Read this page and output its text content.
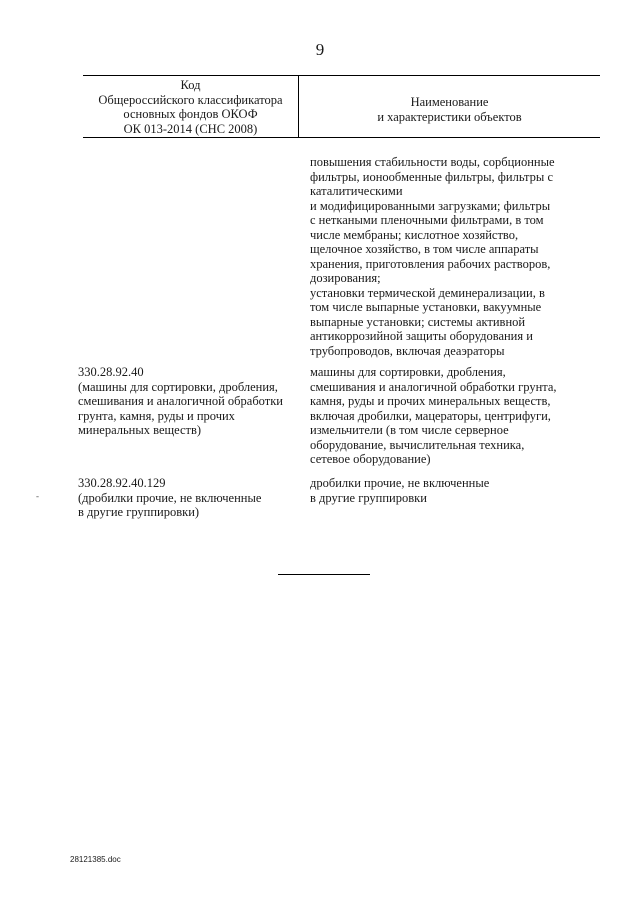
9
Код
Общероссийского классификатора
основных фондов ОКОФ
ОК 013-2014 (СНС 2008)
Наименование
и характеристики объектов
повышения стабильности воды, сорбционные
фильтры, ионообменные фильтры, фильтры с
каталитическими
и модифицированными загрузками; фильтры
с неткаными пленочными фильтрами, в том
числе мембраны; кислотное хозяйство,
щелочное хозяйство, в том числе аппараты
хранения, приготовления рабочих растворов,
дозирования;
установки термической деминерализации, в
том числе выпарные установки, вакуумные
выпарные установки; системы активной
антикоррозийной защиты оборудования и
трубопроводов, включая деаэраторы
330.28.92.40
(машины для сортировки, дробления,
смешивания и аналогичной обработки
грунта, камня, руды и прочих
минеральных веществ)
машины для сортировки, дробления,
смешивания и аналогичной обработки грунта,
камня, руды и прочих минеральных веществ,
включая дробилки, мацераторы, центрифуги,
измельчители (в том числе серверное
оборудование, вычислительная техника,
сетевое оборудование)
330.28.92.40.129
(дробилки прочие, не включенные
в другие группировки)
дробилки прочие, не включенные
в другие группировки
-
28121385.doc
